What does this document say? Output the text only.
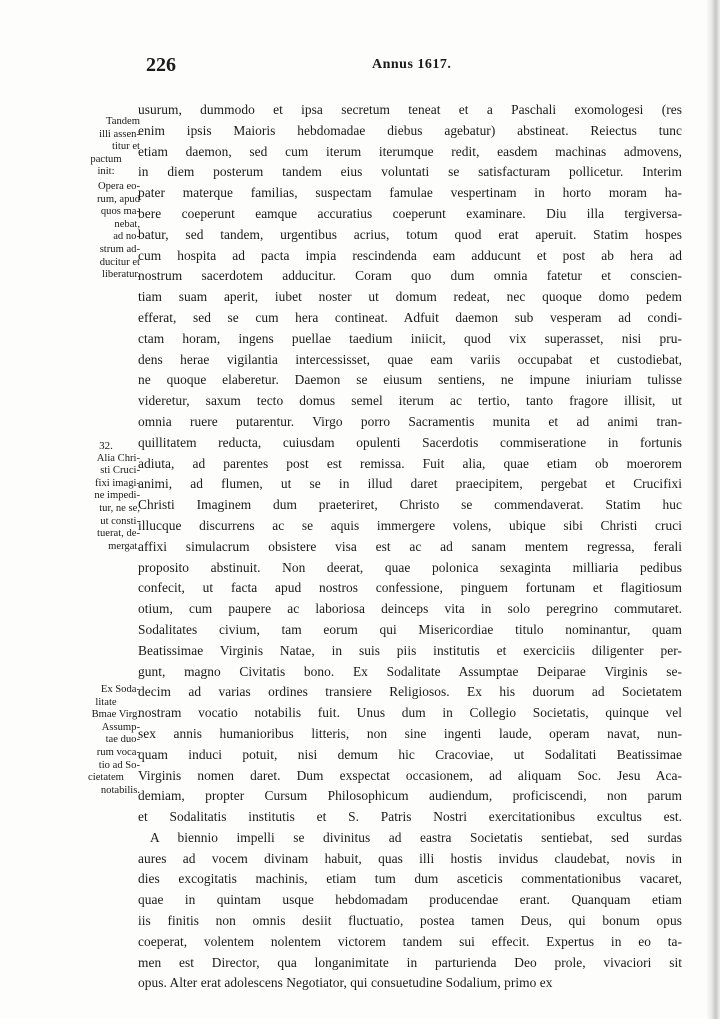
226	Annus 1617.
usurum, dummodo et ipsa secretum teneat et a Paschali exomologesi (res
enim ipsis Maioris hebdomadae diebus agebatur) abstineat. Reiectus tunc
etiam daemon, sed cum iterum iterumque redit, easdem machinas admovens,
in diem posterum tandem eius voluntati se satisfacturam pollicetur. Interim
pater materque familias, suspectam famulae vespertinam in horto moram ha-
bere coeperunt eamque accuratius coeperunt examinare. Diu illa tergiversa-
batur, sed tandem, urgentibus acrius, totum quod erat aperuit. Statim hospes
cum hospita ad pacta impia rescindenda eam adducunt et post ab hera ad
nostrum sacerdotem adducitur. Coram quo dum omnia fatetur et conscien-
tiam suam aperit, iubet noster ut domum redeat, nec quoque domo pedem
efferat, sed se cum hera contineat. Adfuit daemon sub vesperam ad condi-
ctam horam, ingens puellae taedium iniicit, quod vix superasset, nisi pru-
dens herae vigilantia intercessisset, quae eam variis occupabat et custodiebat,
ne quoque elaberetur. Daemon se eiusum sentiens, ne impune iniuriam tulisse
videretur, saxum tecto domus semel iterum ac tertio, tanto fragore illisit, ut
omnia ruere putarentur. Virgo porro Sacramentis munita et ad animi tran-
quillitatem reducta, cuiusdam opulenti Sacerdotis commiseratione in fortunis
adiuta, ad parentes post est remissa. Fuit alia, quae etiam ob moerorem
animi, ad flumen, ut se in illud daret praecipitem, pergebat et Crucifixi
Christi Imaginem dum praeteriret, Christo se commendaverat. Statim huc
illucque discurrens ac se aquis immergere volens, ubique sibi Christi cruci
affixi simulacrum obsistere visa est ac ad sanam mentem regressa, ferali
proposito abstinuit. Non deerat, quae polonica sexaginta milliaria pedibus
confecit, ut facta apud nostros confessione, pinguem fortunam et flagitiosum
otium, cum paupere ac laboriosa deinceps vita in solo peregrino commutaret.
Sodalitates civium, tam eorum qui Misericordiae titulo nominantur, quam
Beatissimae Virginis Natae, in suis piis institutis et exerciciis diligenter per-
gunt, magno Civitatis bono. Ex Sodalitate Assumptae Deiparae Virginis se-
decim ad varias ordines transiere Religiosos. Ex his duorum ad Societatem
nostram vocatio notabilis fuit. Unus dum in Collegio Societatis, quinque vel
sex annis humanioribus litteris, non sine ingenti laude, operam navat, nun-
quam induci potuit, nisi demum hic Cracoviae, ut Sodalitati Beatissimae
Virginis nomen daret. Dum exspectat occasionem, ad aliquam Soc. Jesu Aca-
demiam, propter Cursum Philosophicum audiendum, proficiscendi, non parum
et Sodalitatis institutis et S. Patris Nostri exercitationibus excultus est.
A biennio impelli se divinitus ad eastra Societatis sentiebat, sed surdas
aures ad vocem divinam habuit, quas illi hostis invidus claudebat, novis in
dies excogitatis machinis, etiam tum dum asceticis commentationibus vacaret,
quae in quintam usque hebdomadam producendae erant. Quanquam etiam
iis finitis non omnis desiit fluctuatio, postea tamen Deus, qui bonum opus
coeperat, volentem nolentem victorem tandem sui effecit. Expertus in eo ta-
men est Director, qua longanimitate in parturienda Deo prole, vivaciori sit
opus. Alter erat adolescens Negotiator, qui consuetudine Sodalium, primo ex
Tandem
illi assen-
titur et
pactum
init:
Opera eo-
rum, apud
quos ma-
nebat,
ad no-
strum ad-
ducitur et
liberatur.
32.
Alia Chri-
sti Cruci-
fixi imagi-
ne impedi-
tur, ne se,
ut consti-
tuerat, de-
mergat.
Ex Soda-
litate
Bmae Virg.
Assump-
tae duo-
rum voca-
tio ad So-
cietatem
notabilis.
